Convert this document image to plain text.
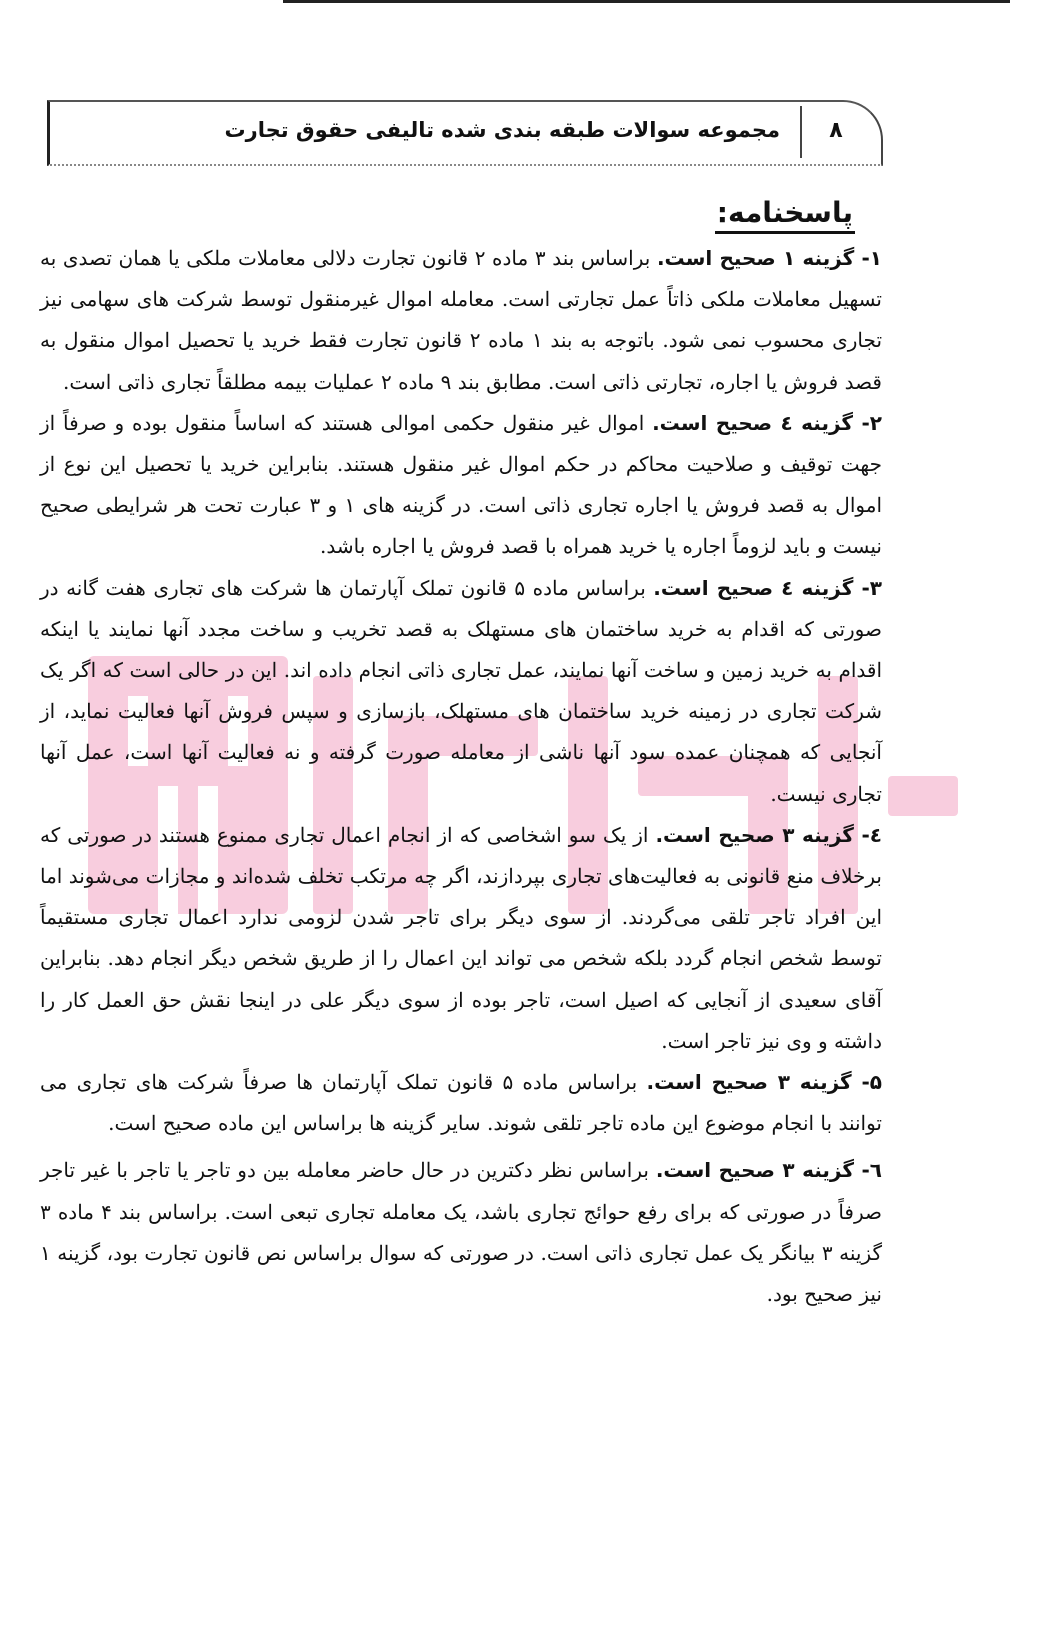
۸
مجموعه سوالات طبقه بندی شده تالیفی حقوق تجارت
پاسخنامه:

۱- گزینه ۱ صحیح است. براساس بند ۳ ماده ۲ قانون تجارت دلالی معاملات ملکی یا همان تصدی به تسهیل معاملات ملکی ذاتاً عمل تجارتی است. معامله اموال غیرمنقول توسط شرکت های سهامی نیز تجاری محسوب نمی شود. باتوجه به بند ۱ ماده ۲ قانون تجارت فقط خرید یا تحصیل اموال منقول به قصد فروش یا اجاره، تجارتی ذاتی است. مطابق بند ۹ ماده ۲ عملیات بیمه مطلقاً تجاری ذاتی است.

۲- گزینه ٤ صحیح است. اموال غیر منقول حکمی اموالی هستند که اساساً منقول بوده و صرفاً از جهت توقیف و صلاحیت محاکم در حکم اموال غیر منقول هستند. بنابراین خرید یا تحصیل این نوع از اموال به قصد فروش یا اجاره تجاری ذاتی است. در گزینه های ۱ و ۳ عبارت تحت هر شرایطی صحیح نیست و باید لزوماً اجاره یا خرید همراه با قصد فروش یا اجاره باشد.

۳- گزینه ٤ صحیح است. براساس ماده ۵ قانون تملک آپارتمان ها شرکت های تجاری هفت گانه در صورتی که اقدام به خرید ساختمان های مستهلک به قصد تخریب و ساخت مجدد آنها نمایند یا اینکه اقدام به خرید زمین و ساخت آنها نمایند، عمل تجاری ذاتی انجام داده اند. این در حالی است که اگر یک شرکت تجاری در زمینه خرید ساختمان های مستهلک، بازسازی و سپس فروش آنها فعالیت نماید، از آنجایی که همچنان عمده سود آنها ناشی از معامله صورت گرفته و نه فعالیت آنها است، عمل آنها تجاری نیست.

٤- گزینه ۳ صحیح است. از یک سو اشخاصی که از انجام اعمال تجاری ممنوع هستند در صورتی که برخلاف منع قانونی به فعالیت‌های تجاری بپردازند، اگر چه مرتکب تخلف شده‌اند و مجازات می‌شوند اما این افراد تاجر تلقی می‌گردند. از سوی دیگر برای تاجر شدن لزومی ندارد اعمال تجاری مستقیماً توسط شخص انجام گردد بلکه شخص می تواند این اعمال را از طریق شخص دیگر انجام دهد. بنابراین آقای سعیدی از آنجایی که اصیل است، تاجر بوده از سوی دیگر علی در اینجا نقش حق العمل کار را داشته و وی نیز تاجر است.

۵- گزینه ۳ صحیح است. براساس ماده ۵ قانون تملک آپارتمان ها صرفاً شرکت های تجاری می توانند با انجام موضوع این ماده تاجر تلقی شوند. سایر گزینه ها براساس این ماده صحیح است.

٦- گزینه ۳ صحیح است. براساس نظر دکترین در حال حاضر معامله بین دو تاجر یا تاجر با غیر تاجر صرفاً در صورتی که برای رفع حوائج تجاری باشد، یک معامله تجاری تبعی است. براساس بند ۴ ماده ۳ گزینه ۳ بیانگر یک عمل تجاری ذاتی است. در صورتی که سوال براساس نص قانون تجارت بود، گزینه ۱ نیز صحیح بود.
